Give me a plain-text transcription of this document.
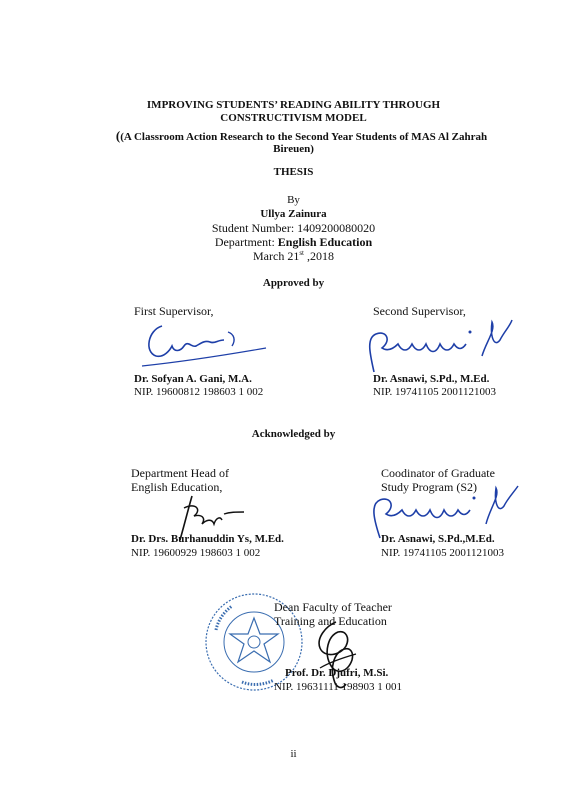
IMPROVING STUDENTS’ READING ABILITY THROUGH
CONSTRUCTIVISM MODEL
((A Classroom Action Research to the Second Year Students of MAS Al Zahrah
Bireuen)
THESIS
By
Ullya Zainura
Student Number: 1409200080020
Department: English Education
March 21st ,2018
Approved by
First Supervisor,
Dr. Sofyan A. Gani, M.A.
NIP. 19600812 198603 1 002
Second Supervisor,
Dr. Asnawi, S.Pd., M.Ed.
NIP. 19741105 2001121003
Acknowledged by
Department Head of
English Education,
Dr. Drs. Burhanuddin Ys, M.Ed.
NIP. 19600929 198603 1 002
Coodinator of Graduate
Study Program (S2)
Dr. Asnawi, S.Pd.,M.Ed.
NIP. 19741105 2001121003
Dean Faculty of Teacher
Training and Education
Prof. Dr. Djufri, M.Si.
NIP. 19631111 198903 1 001
ii
